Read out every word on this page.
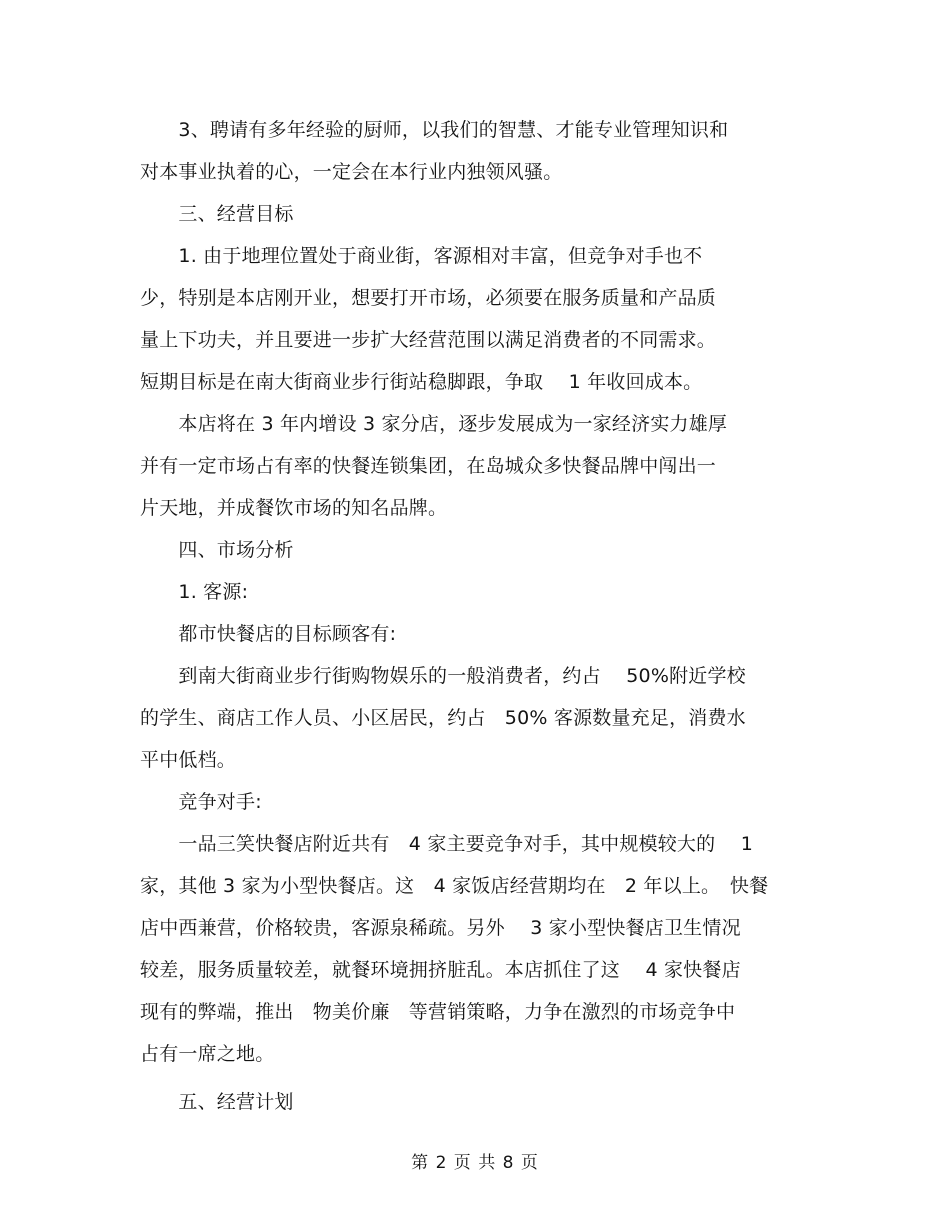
　　3、聘请有多年经验的厨师，以我们的智慧、才能专业管理知识和
对本事业执着的心，一定会在本行业内独领风骚。
　　三、经营目标
　　1. 由于地理位置处于商业街，客源相对丰富，但竞争对手也不
少，特别是本店刚开业，想要打开市场，必须要在服务质量和产品质
量上下功夫，并且要进一步扩大经营范围以满足消费者的不同需求。
短期目标是在南大街商业步行街站稳脚跟，争取　 1 年收回成本。
　　本店将在 3 年内增设 3 家分店，逐步发展成为一家经济实力雄厚
并有一定市场占有率的快餐连锁集团，在岛城众多快餐品牌中闯出一
片天地，并成餐饮市场的知名品牌。
　　四、市场分析
　　1. 客源:
　　都市快餐店的目标顾客有:
　　到南大街商业步行街购物娱乐的一般消费者，约占　 50%附近学校
的学生、商店工作人员、小区居民，约占　50% 客源数量充足，消费水
平中低档。
　　竞争对手:
　　一品三笑快餐店附近共有　4 家主要竞争对手，其中规模较大的　 1
家，其他 3 家为小型快餐店。这　4 家饭店经营期均在　2 年以上。　快餐
店中西兼营，价格较贵，客源泉稀疏。另外　 3 家小型快餐店卫生情况
较差，服务质量较差，就餐环境拥挤脏乱。本店抓住了这　 4 家快餐店
现有的弊端，推出　物美价廉　等营销策略，力争在激烈的市场竞争中
占有一席之地。
　　五、经营计划
第 2 页 共 8 页
